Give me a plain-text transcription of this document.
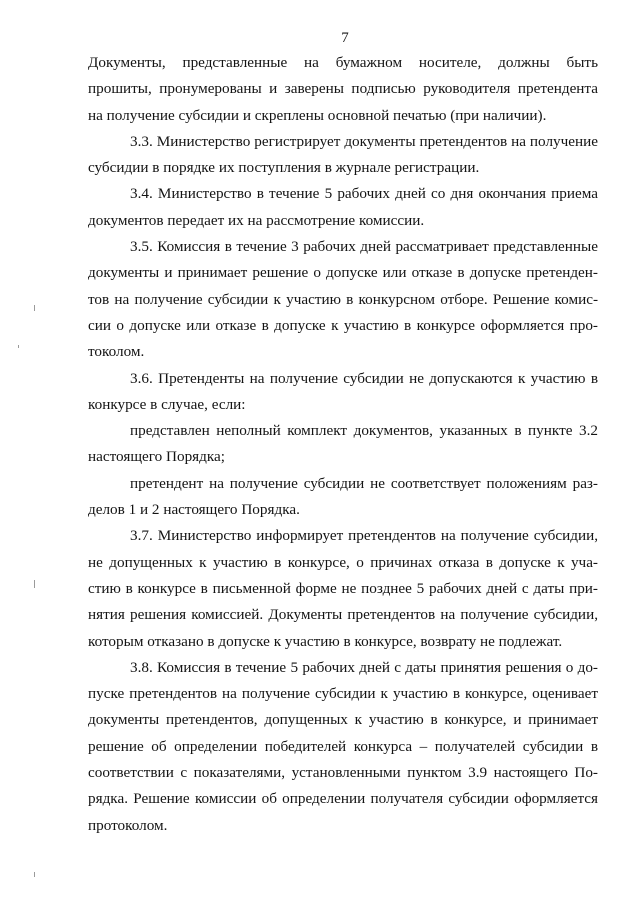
7
Документы, представленные на бумажном носителе, должны быть
прошиты, пронумерованы и заверены подписью руководителя претендента
на получение субсидии и скреплены основной печатью (при наличии).
3.3. Министерство регистрирует документы претендентов на получение
субсидии в порядке их поступления в журнале регистрации.
3.4. Министерство в течение 5 рабочих дней со дня окончания приема
документов передает их на рассмотрение комиссии.
3.5. Комиссия в течение 3 рабочих дней рассматривает представленные
документы и принимает решение о допуске или отказе в допуске претенден-
тов на получение субсидии к участию в конкурсном отборе. Решение комис-
сии о допуске или отказе в допуске к участию в конкурсе оформляется про-
токолом.
3.6. Претенденты на получение субсидии не допускаются к участию в
конкурсе в случае, если:
представлен неполный комплект документов, указанных в пункте 3.2
настоящего Порядка;
претендент на получение субсидии не соответствует положениям раз-
делов 1 и 2 настоящего Порядка.
3.7. Министерство информирует претендентов на получение субсидии,
не допущенных к участию в конкурсе, о причинах отказа в допуске к уча-
стию в конкурсе в письменной форме не позднее 5 рабочих дней с даты при-
нятия решения комиссией. Документы претендентов на получение субсидии,
которым отказано в допуске к участию в конкурсе, возврату не подлежат.
3.8. Комиссия в течение 5 рабочих дней с даты принятия решения о до-
пуске претендентов на получение субсидии к участию в конкурсе, оценивает
документы претендентов, допущенных к участию в конкурсе, и принимает
решение об определении победителей конкурса – получателей субсидии в
соответствии с показателями, установленными пунктом 3.9 настоящего По-
рядка. Решение комиссии об определении получателя субсидии оформляется
протоколом.
